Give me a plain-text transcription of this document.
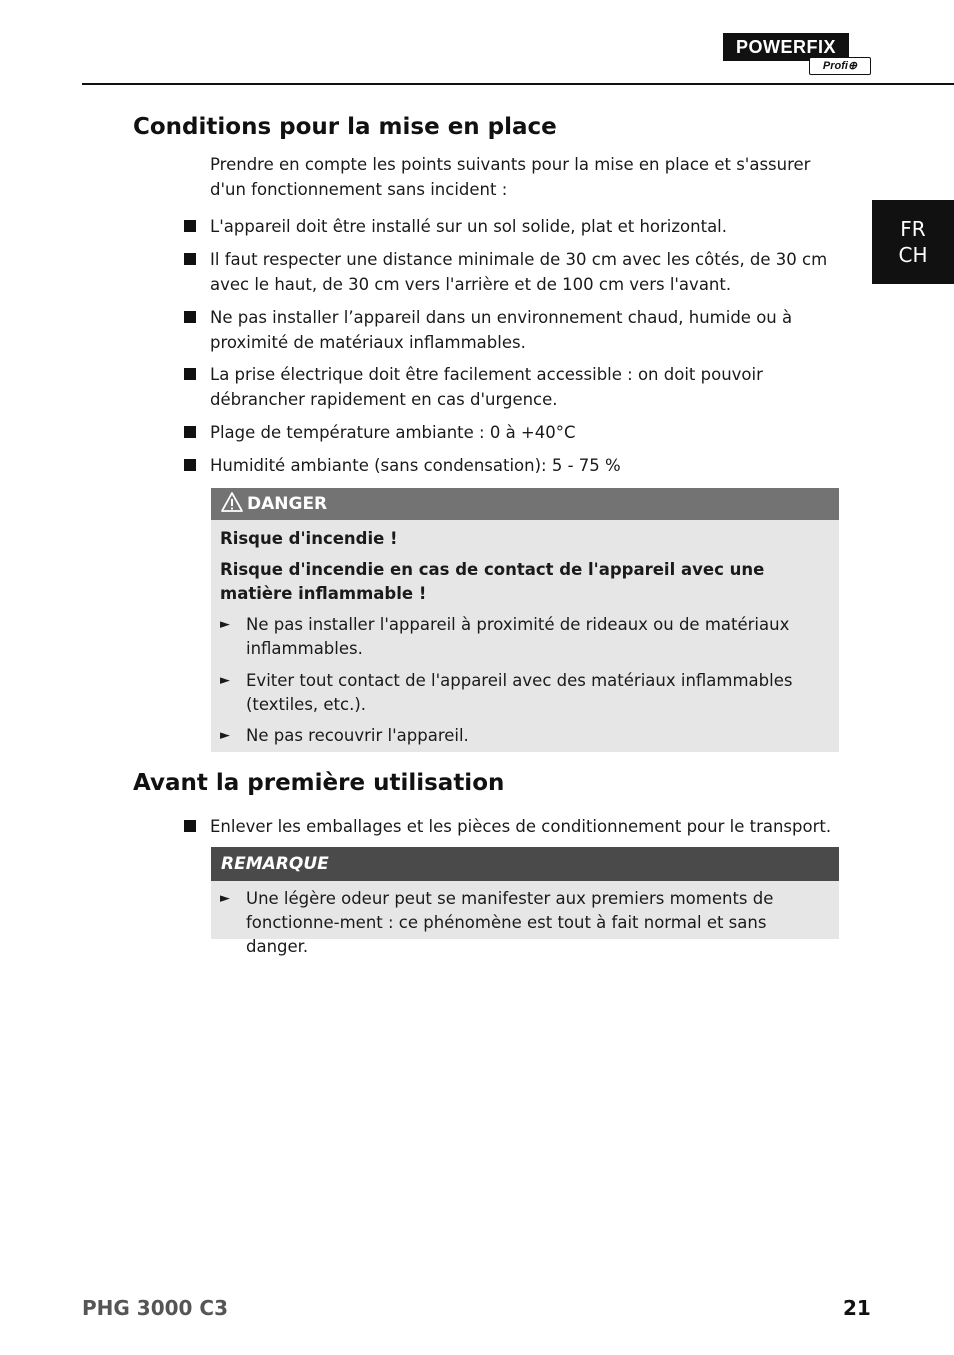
POWERFIX
Profi⊕
FR
CH
Conditions pour la mise en place

Prendre en compte les points suivants pour la mise en place et s'assurer d'un fonctionnement sans incident :

L'appareil doit être installé sur un sol solide, plat et horizontal.
Il faut respecter une distance minimale de 30 cm avec les côtés, de 30 cm avec le haut, de 30 cm vers l'arrière et de 100 cm vers l'avant.
Ne pas installer l’appareil dans un environnement chaud, humide ou à proximité de matériaux inflammables.
La prise électrique doit être facilement accessible : on doit pouvoir débrancher rapidement en cas d'urgence.
Plage de température ambiante : 0 à +40°C
Humidité ambiante (sans condensation): 5 - 75 %
DANGER
Risque d'incendie !
Risque d'incendie en cas de contact de l'appareil avec une matière inflammable !
► Ne pas installer l'appareil à proximité de rideaux ou de matériaux inflammables.
► Eviter tout contact de l'appareil avec des matériaux inflammables (textiles, etc.).
► Ne pas recouvrir l'appareil.
Avant la première utilisation
Enlever les emballages et les pièces de conditionnement pour le transport.
REMARQUE
► Une légère odeur peut se manifester aux premiers moments de fonctionne-ment : ce phénomène est tout à fait normal et sans danger.
PHG 3000 C3	21
